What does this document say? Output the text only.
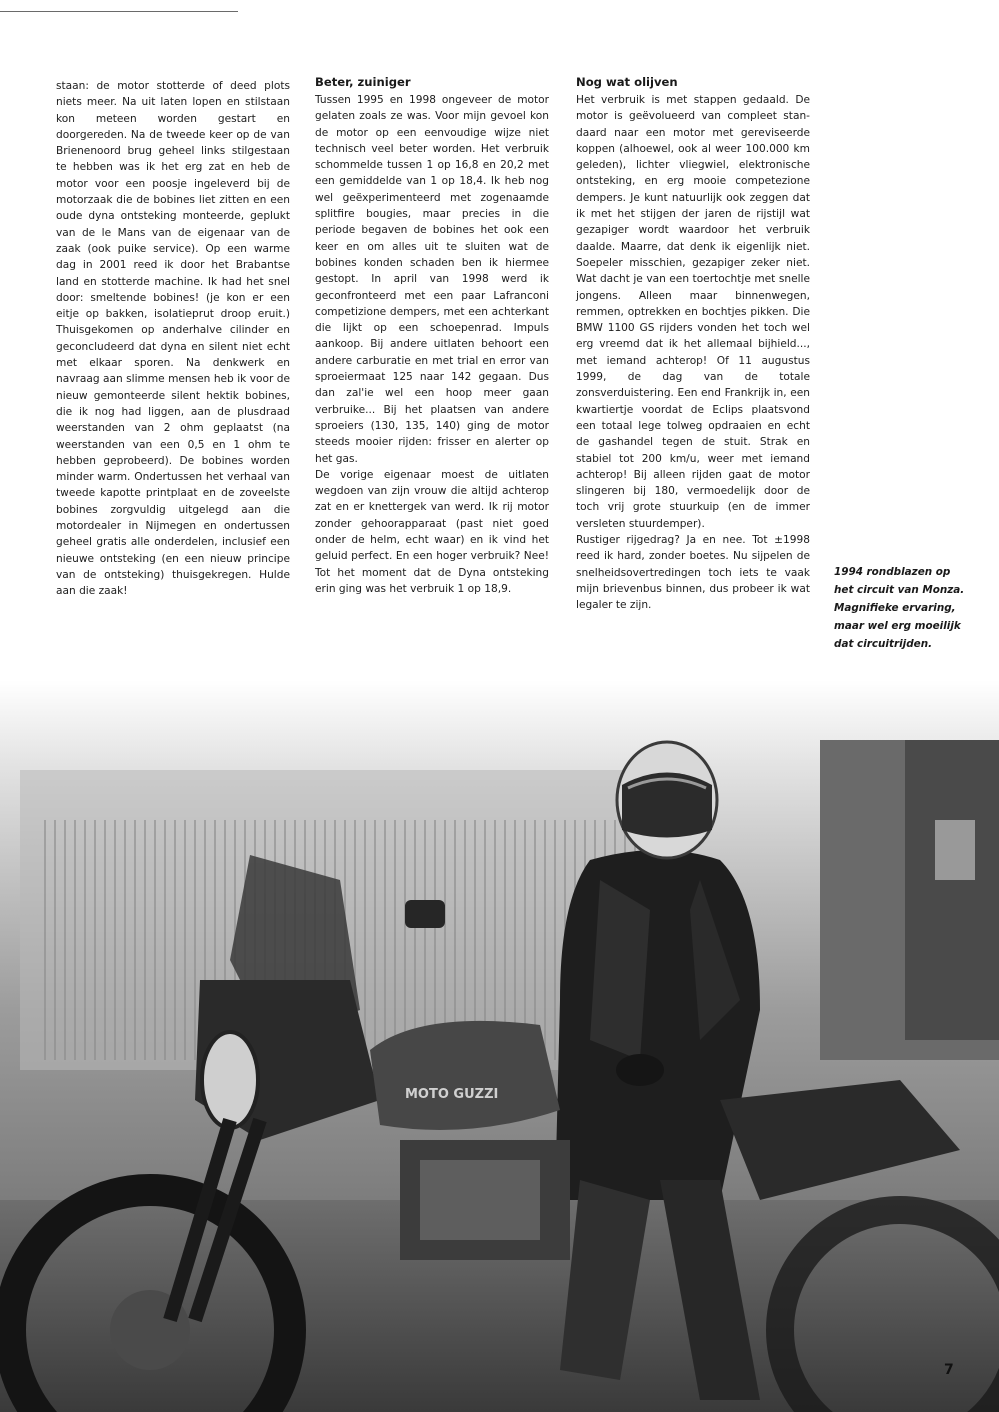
staan: de motor stotterde of deed plots niets meer. Na uit laten lopen en stilstaan kon meteen worden gestart en doorgereden. Na de tweede keer op de van Brienenoord brug geheel links stilgestaan te hebben was ik het erg zat en heb de motor voor een poosje ingeleverd bij de motorzaak die de bobines liet zitten en een oude dyna ontsteking monteerde, geplukt van de le Mans van de eigenaar van de zaak (ook puike service). Op een warme dag in 2001 reed ik door het Brabantse land en stotterde machine. Ik had het snel door: smeltende bobines! (je kon er een eitje op bakken, isolatieprut droop eruit.) Thuisgekomen op anderhalve cilinder en geconcludeerd dat dyna en silent niet echt met elkaar sporen. Na denkwerk en navraag aan slimme mensen heb ik voor de nieuw gemonteerde silent hektik bobines, die ik nog had liggen, aan de plusdraad weerstanden van 2 ohm geplaatst (na weerstanden van een 0,5 en 1 ohm te hebben geprobeerd). De bobines worden minder warm. Ondertussen het verhaal van tweede kapotte printplaat en de zoveelste bobines zorgvuldig uitgelegd aan die motordealer in Nijmegen en ondertussen geheel gratis alle onderdelen, inclusief een nieuwe ontsteking (en een nieuw principe van de ontsteking) thuisgekregen. Hulde aan die zaak!

Beter, zuiniger

Tussen 1995 en 1998 ongeveer de motor gelaten zoals ze was. Voor mijn gevoel kon de motor op een eenvoudige wijze niet technisch veel beter worden. Het verbruik schommelde tussen 1 op 16,8 en 20,2 met een gemiddelde van 1 op 18,4. Ik heb nog wel geëxperimenteerd met zogenaamde splitfire bougies, maar precies in die periode begaven de bobines het ook een keer en om alles uit te sluiten wat de bobines konden schaden ben ik hiermee gestopt. In april van 1998 werd ik geconfronteerd met een paar Lafranconi competizione dempers, met een achterkant die lijkt op een schoepenrad. Impuls aankoop. Bij andere uitlaten behoort een andere carburatie en met trial en error van sproeiermaat 125 naar 142 gegaan. Dus dan zal'ie wel een hoop meer gaan verbruike... Bij het plaatsen van andere sproeiers (130, 135, 140) ging de motor steeds mooier rijden: frisser en alerter op het gas.

De vorige eigenaar moest de uitlaten wegdoen van zijn vrouw die altijd achterop zat en er knettergek van werd. Ik rij motor zonder gehoorapparaat (past niet goed onder de helm, echt waar) en ik vind het geluid perfect. En een hoger verbruik? Nee! Tot het moment dat de Dyna ontsteking erin ging was het verbruik 1 op 18,9.

Nog wat olijven

Het verbruik is met stappen gedaald. De motor is geëvolueerd van compleet standaard naar een motor met gereviseerde koppen (alhoewel, ook al weer 100.000 km geleden), lichter vliegwiel, elektronische ontsteking, en erg mooie competezione dempers. Je kunt natuurlijk ook zeggen dat ik met het stijgen der jaren de rijstijl wat gezapiger wordt waardoor het verbruik daalde. Maarre, dat denk ik eigenlijk niet. Soepeler misschien, gezapiger zeker niet. Wat dacht je van een toertochtje met snelle jongens. Alleen maar binnenwegen, remmen, optrekken en bochtjes pikken. Die BMW 1100 GS rijders vonden het toch wel erg vreemd dat ik het allemaal bijhield..., met iemand achterop! Of 11 augustus 1999, de dag van de totale zonsverduistering. Een end Frankrijk in, een kwartiertje voordat de Eclips plaatsvond een totaal lege tolweg opdraaien en echt de gashandel tegen de stuit. Strak en stabiel tot 200 km/u, weer met iemand achterop! Bij alleen rijden gaat de motor slingeren bij 180, vermoedelijk door de toch vrij grote stuurkuip (en de immer versleten stuurdemper).

Rustiger rijgedrag? Ja en nee. Tot ±1998 reed ik hard, zonder boetes. Nu sijpelen de snelheidsovertredingen toch iets te vaak mijn brievenbus binnen, dus probeer ik wat legaler te zijn.

1994 rondblazen op het circuit van Monza. Magnifieke ervaring, maar wel erg moeilijk dat circuitrijden.
MOTO GUZZI
7
